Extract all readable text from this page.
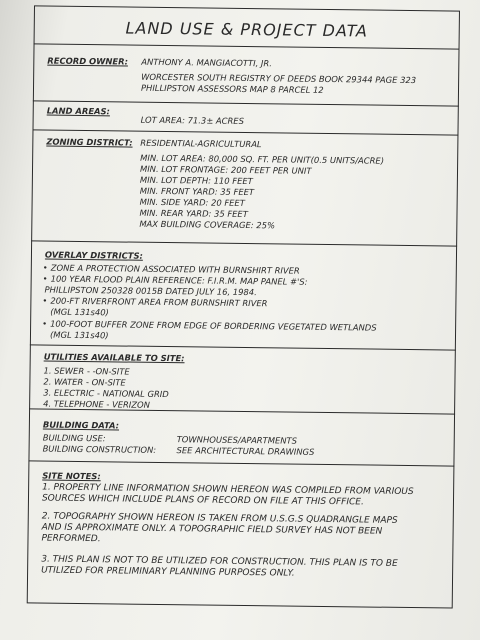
LAND USE & PROJECT DATA
RECORD OWNER: ANTHONY A. MANGIACOTTI, JR.
WORCESTER SOUTH REGISTRY OF DEEDS BOOK 29344 PAGE 323
PHILLIPSTON ASSESSORS MAP 8 PARCEL 12
LAND AREAS:
LOT AREA: 71.3± ACRES
ZONING DISTRICT: RESIDENTIAL-AGRICULTURAL
MIN. LOT AREA: 80,000 SQ. FT. PER UNIT(0.5 UNITS/ACRE)
MIN. LOT FRONTAGE: 200 FEET PER UNIT
MIN. LOT DEPTH: 110 FEET
MIN. FRONT YARD: 35 FEET
MIN. SIDE YARD: 20 FEET
MIN. REAR YARD: 35 FEET
MAX BUILDING COVERAGE: 25%
OVERLAY DISTRICTS:
• ZONE A PROTECTION ASSOCIATED WITH BURNSHIRT RIVER
• 100 YEAR FLOOD PLAIN REFERENCE: F.I.R.M. MAP PANEL #'S:
PHILLIPSTON 250328 0015B DATED JULY 16, 1984.
• 200-FT RIVERFRONT AREA FROM BURNSHIRT RIVER
(MGL 131s40)
• 100-FOOT BUFFER ZONE FROM EDGE OF BORDERING VEGETATED WETLANDS
(MGL 131s40)
UTILITIES AVAILABLE TO SITE:
1. SEWER - -ON-SITE
2. WATER - ON-SITE
3. ELECTRIC - NATIONAL GRID
4. TELEPHONE - VERIZON
BUILDING DATA:
BUILDING USE:	TOWNHOUSES/APARTMENTS
BUILDING CONSTRUCTION: SEE ARCHITECTURAL DRAWINGS
SITE NOTES:
1. PROPERTY LINE INFORMATION SHOWN HEREON WAS COMPILED FROM VARIOUS
SOURCES WHICH INCLUDE PLANS OF RECORD ON FILE AT THIS OFFICE.
2. TOPOGRAPHY SHOWN HEREON IS TAKEN FROM U.S.G.S QUADRANGLE MAPS
AND IS APPROXIMATE ONLY. A TOPOGRAPHIC FIELD SURVEY HAS NOT BEEN
PERFORMED.
3. THIS PLAN IS NOT TO BE UTILIZED FOR CONSTRUCTION. THIS PLAN IS TO BE
UTILIZED FOR PRELIMINARY PLANNING PURPOSES ONLY.
